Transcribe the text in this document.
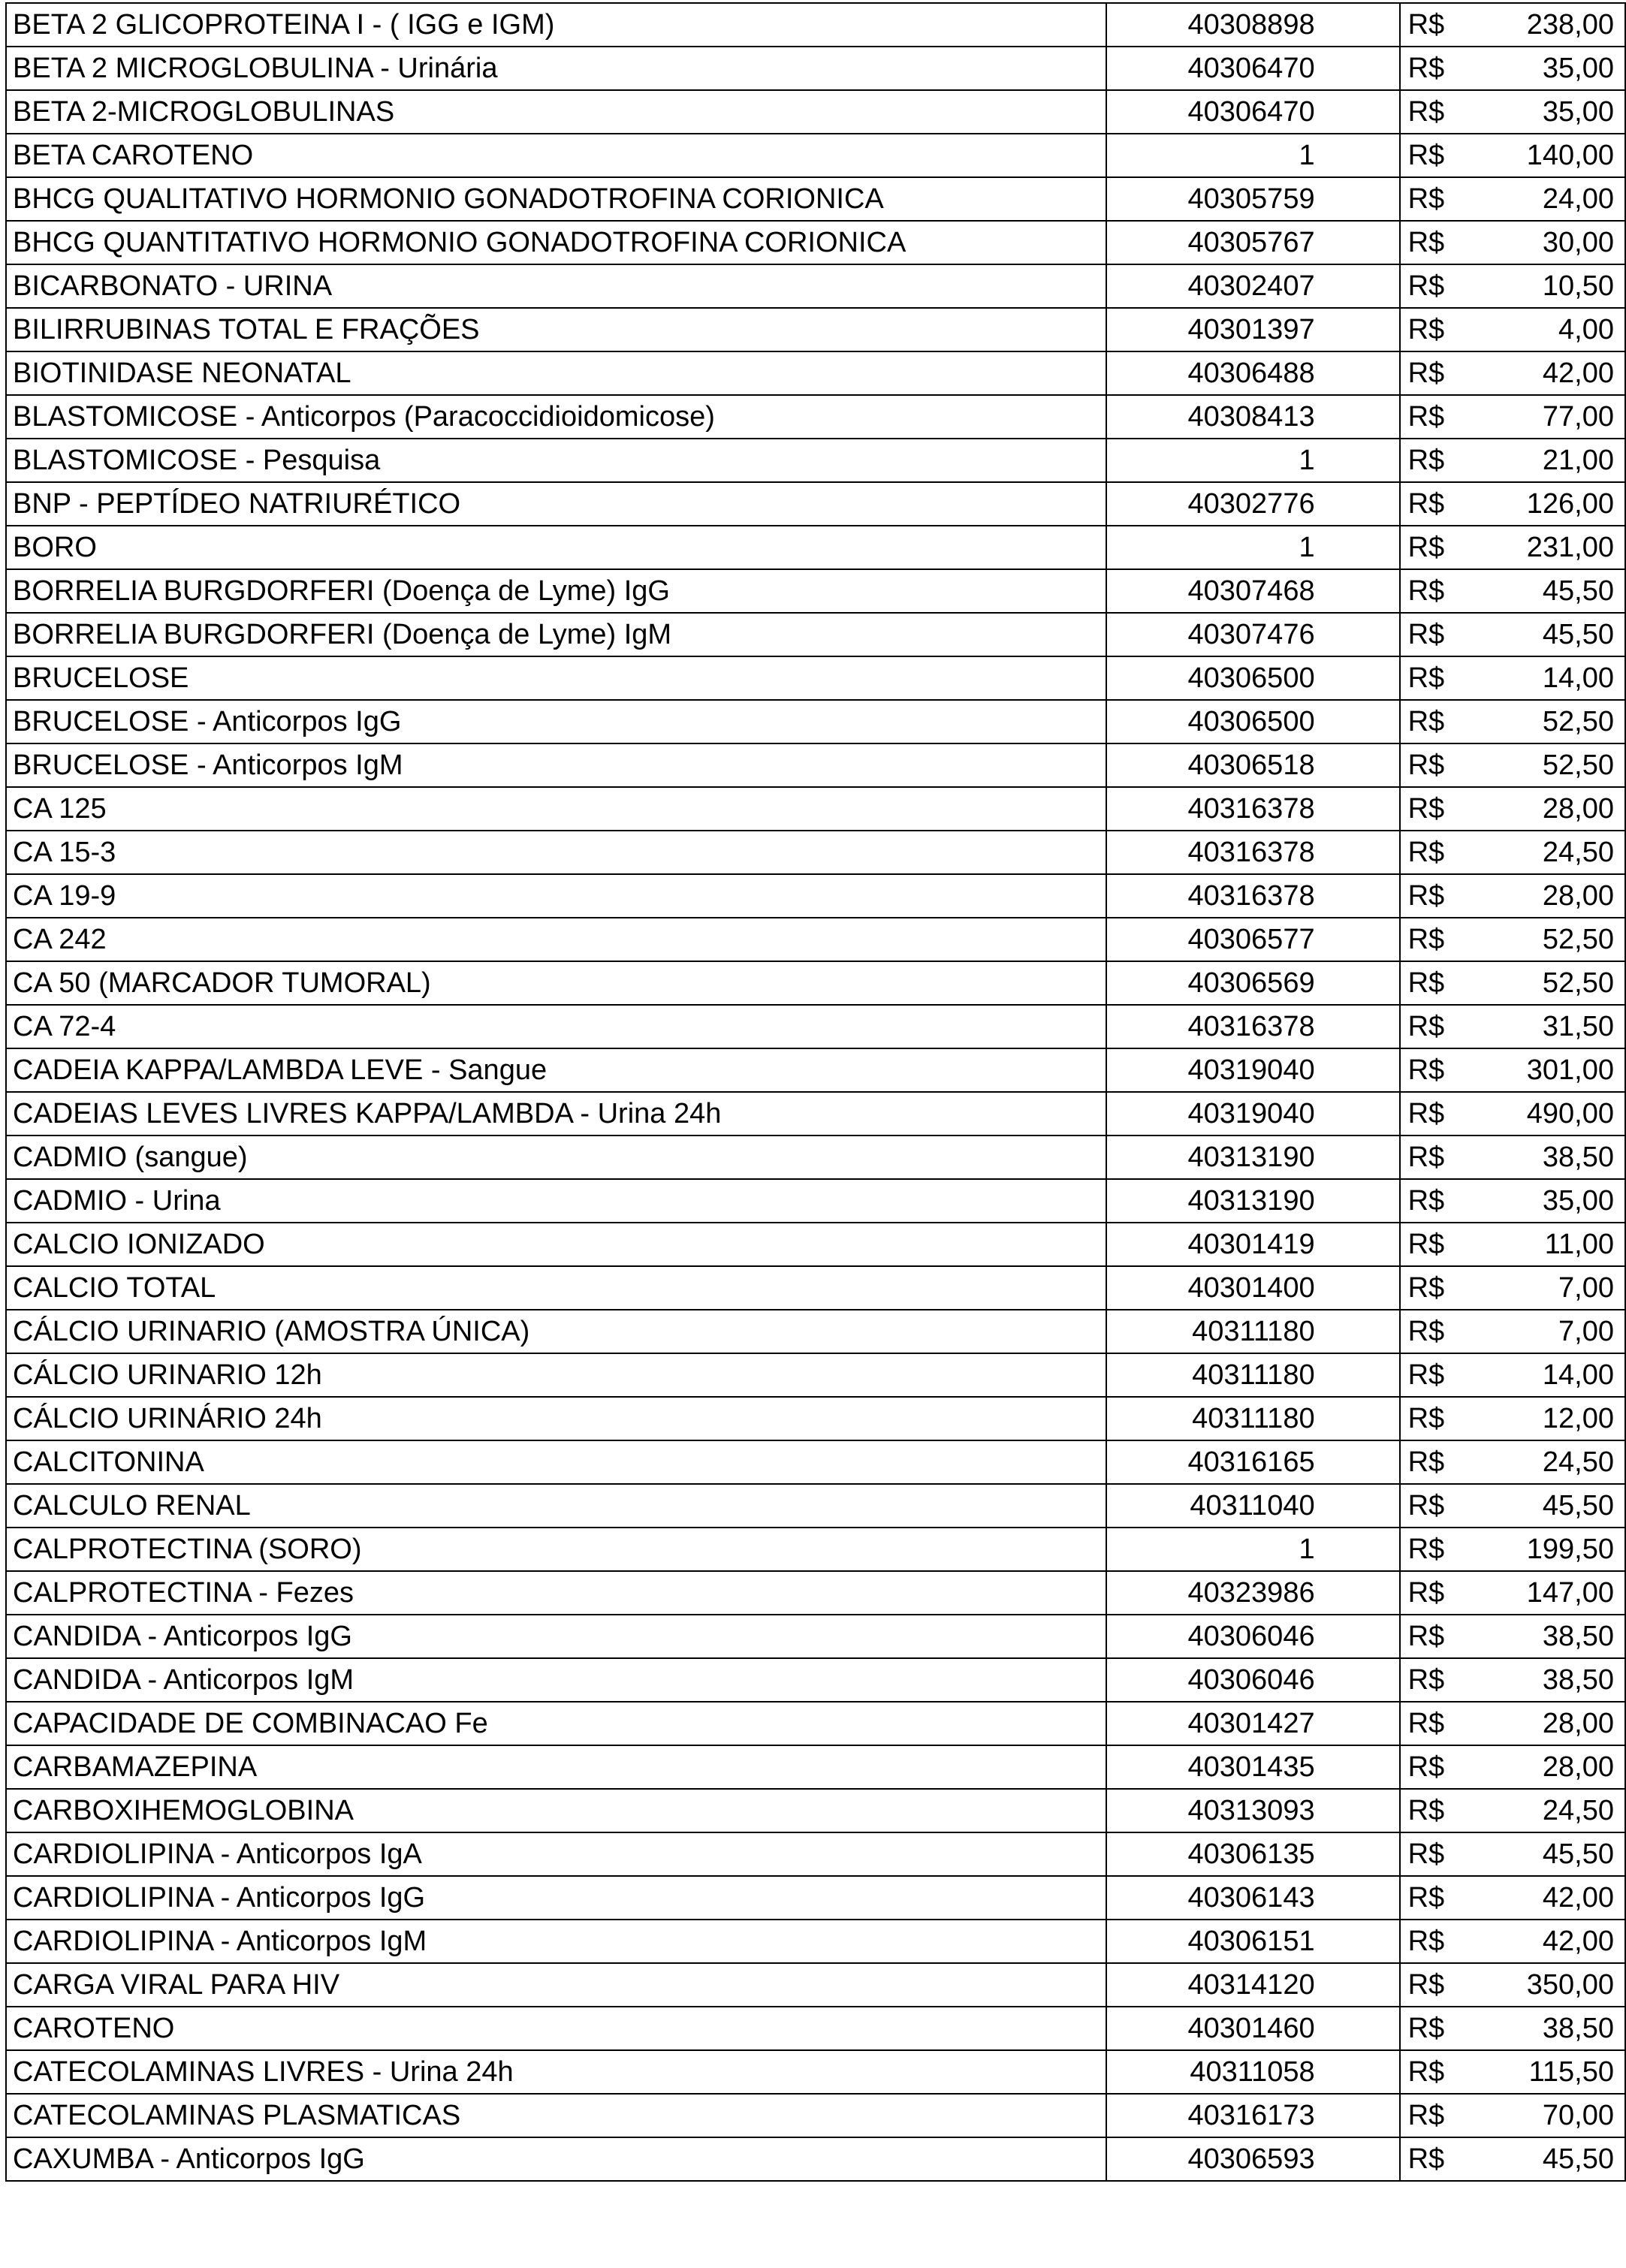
BETA 2 GLICOPROTEINA I - ( IGG e IGM)	40308898	R$ 238,00

BETA 2 MICROGLOBULINA - Urinária	40306470	R$ 35,00

BETA 2-MICROGLOBULINAS	40306470	R$ 35,00

BETA CAROTENO	1	R$ 140,00

BHCG QUALITATIVO HORMONIO GONADOTROFINA CORIONICA	40305759	R$ 24,00

BHCG QUANTITATIVO HORMONIO GONADOTROFINA CORIONICA	40305767	R$ 30,00

BICARBONATO - URINA	40302407	R$ 10,50

BILIRRUBINAS TOTAL E FRAÇÕES	40301397	R$ 4,00

BIOTINIDASE NEONATAL	40306488	R$ 42,00

BLASTOMICOSE - Anticorpos (Paracoccidioidomicose)	40308413	R$ 77,00

BLASTOMICOSE - Pesquisa	1	R$ 21,00

BNP - PEPTÍDEO NATRIURÉTICO	40302776	R$ 126,00

BORO	1	R$ 231,00

BORRELIA BURGDORFERI (Doença de Lyme) IgG	40307468	R$ 45,50

BORRELIA BURGDORFERI (Doença de Lyme) IgM	40307476	R$ 45,50

BRUCELOSE	40306500	R$ 14,00

BRUCELOSE - Anticorpos IgG	40306500	R$ 52,50

BRUCELOSE - Anticorpos IgM	40306518	R$ 52,50

CA 125	40316378	R$ 28,00

CA 15-3	40316378	R$ 24,50

CA 19-9	40316378	R$ 28,00

CA 242	40306577	R$ 52,50

CA 50 (MARCADOR TUMORAL)	40306569	R$ 52,50

CA 72-4	40316378	R$ 31,50

CADEIA KAPPA/LAMBDA LEVE - Sangue	40319040	R$ 301,00

CADEIAS LEVES LIVRES KAPPA/LAMBDA - Urina 24h	40319040	R$ 490,00

CADMIO (sangue)	40313190	R$ 38,50

CADMIO - Urina	40313190	R$ 35,00

CALCIO IONIZADO	40301419	R$ 11,00

CALCIO TOTAL	40301400	R$ 7,00

CÁLCIO URINARIO (AMOSTRA ÚNICA)	40311180	R$ 7,00

CÁLCIO URINARIO 12h	40311180	R$ 14,00

CÁLCIO URINÁRIO 24h	40311180	R$ 12,00

CALCITONINA	40316165	R$ 24,50

CALCULO RENAL	40311040	R$ 45,50

CALPROTECTINA (SORO)	1	R$ 199,50

CALPROTECTINA - Fezes	40323986	R$ 147,00

CANDIDA - Anticorpos IgG	40306046	R$ 38,50

CANDIDA - Anticorpos IgM	40306046	R$ 38,50

CAPACIDADE DE COMBINACAO Fe	40301427	R$ 28,00

CARBAMAZEPINA	40301435	R$ 28,00

CARBOXIHEMOGLOBINA	40313093	R$ 24,50

CARDIOLIPINA - Anticorpos IgA	40306135	R$ 45,50

CARDIOLIPINA - Anticorpos IgG	40306143	R$ 42,00

CARDIOLIPINA - Anticorpos IgM	40306151	R$ 42,00

CARGA VIRAL PARA HIV	40314120	R$ 350,00

CAROTENO	40301460	R$ 38,50

CATECOLAMINAS LIVRES - Urina 24h	40311058	R$ 115,50

CATECOLAMINAS PLASMATICAS	40316173	R$ 70,00

CAXUMBA - Anticorpos IgG	40306593	R$ 45,50
